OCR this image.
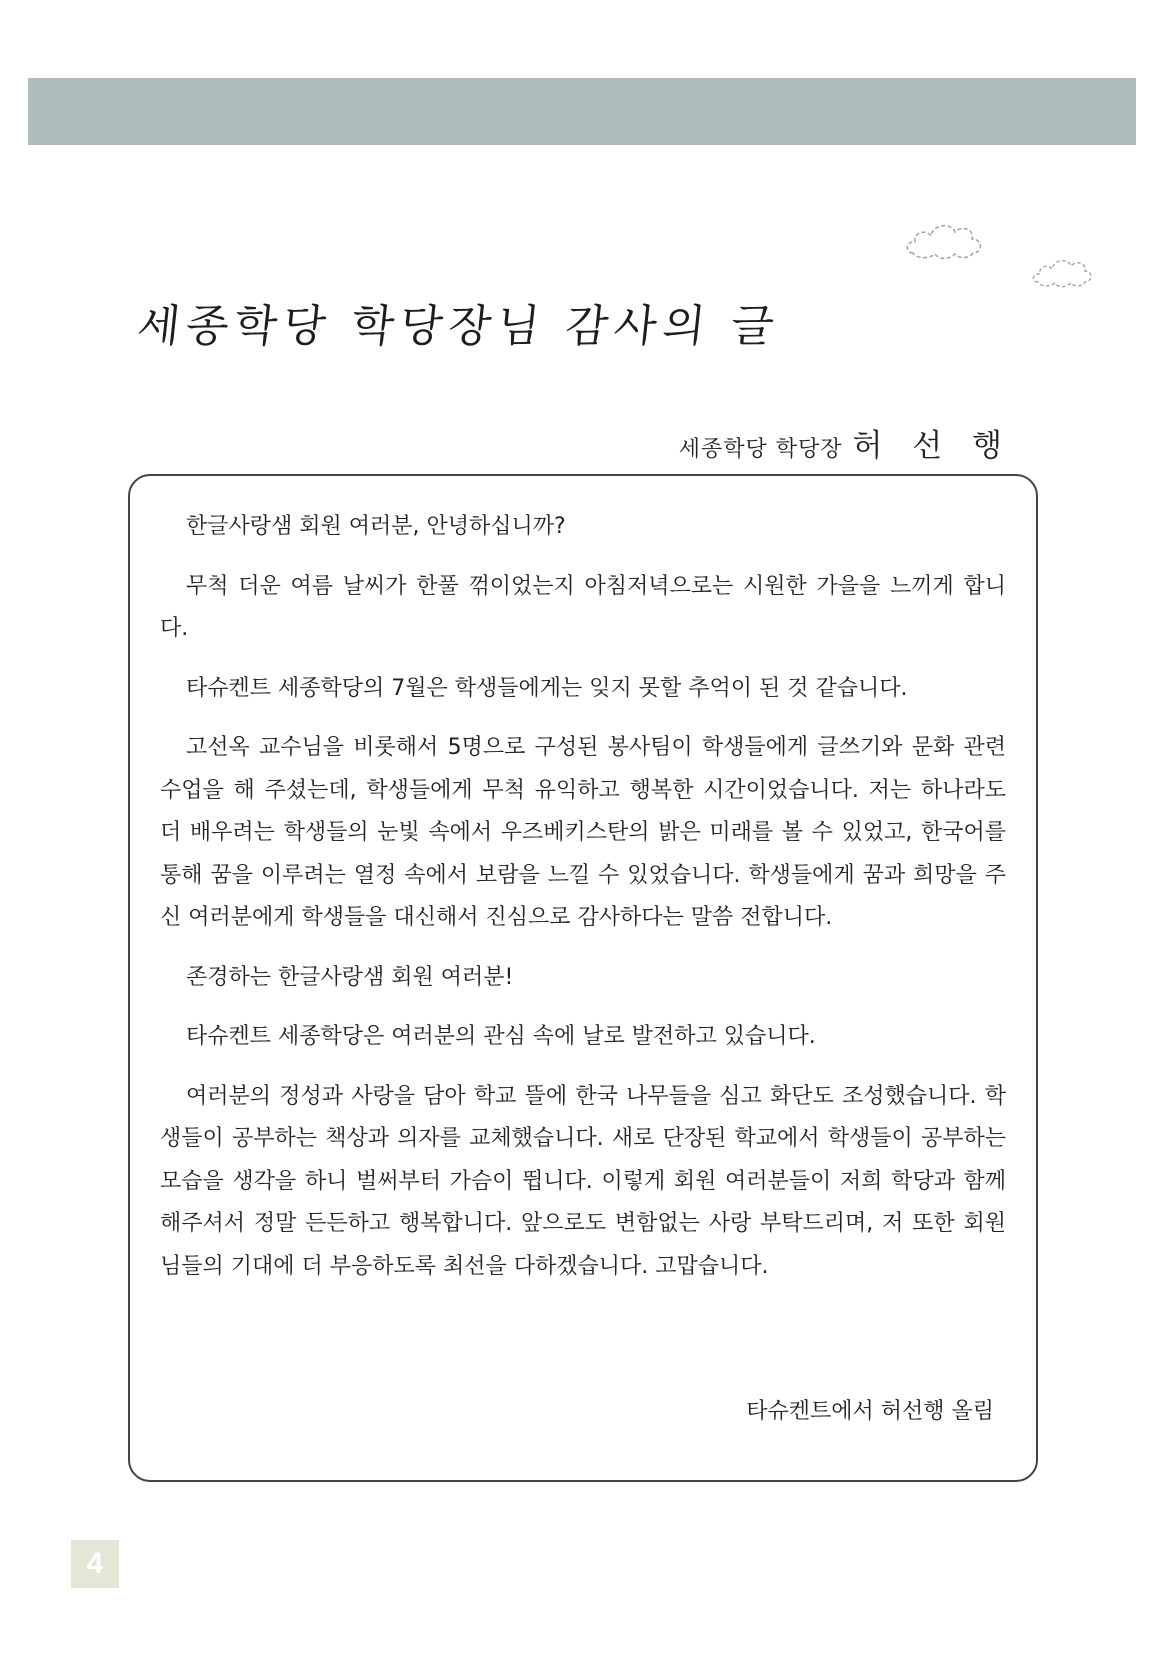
세종학당 학당장님 감사의 글
세종학당 학당장 허 선 행

한글사랑샘 회원 여러분, 안녕하십니까?

무척 더운 여름 날씨가 한풀 꺾이었는지 아침저녁으로는 시원한 가을을 느끼게 합니다.

타슈켄트 세종학당의 7월은 학생들에게는 잊지 못할 추억이 된 것 같습니다.

고선옥 교수님을 비롯해서 5명으로 구성된 봉사팀이 학생들에게 글쓰기와 문화 관련 수업을 해 주셨는데, 학생들에게 무척 유익하고 행복한 시간이었습니다. 저는 하나라도 더 배우려는 학생들의 눈빛 속에서 우즈베키스탄의 밝은 미래를 볼 수 있었고, 한국어를 통해 꿈을 이루려는 열정 속에서 보람을 느낄 수 있었습니다. 학생들에게 꿈과 희망을 주신 여러분에게 학생들을 대신해서 진심으로 감사하다는 말씀 전합니다.

존경하는 한글사랑샘 회원 여러분!

타슈켄트 세종학당은 여러분의 관심 속에 날로 발전하고 있습니다.

여러분의 정성과 사랑을 담아 학교 뜰에 한국 나무들을 심고 화단도 조성했습니다. 학생들이 공부하는 책상과 의자를 교체했습니다. 새로 단장된 학교에서 학생들이 공부하는 모습을 생각을 하니 벌써부터 가슴이 뜁니다. 이렇게 회원 여러분들이 저희 학당과 함께 해주셔서 정말 든든하고 행복합니다. 앞으로도 변함없는 사랑 부탁드리며, 저 또한 회원님들의 기대에 더 부응하도록 최선을 다하겠습니다. 고맙습니다.

타슈켄트에서 허선행 올림
4
